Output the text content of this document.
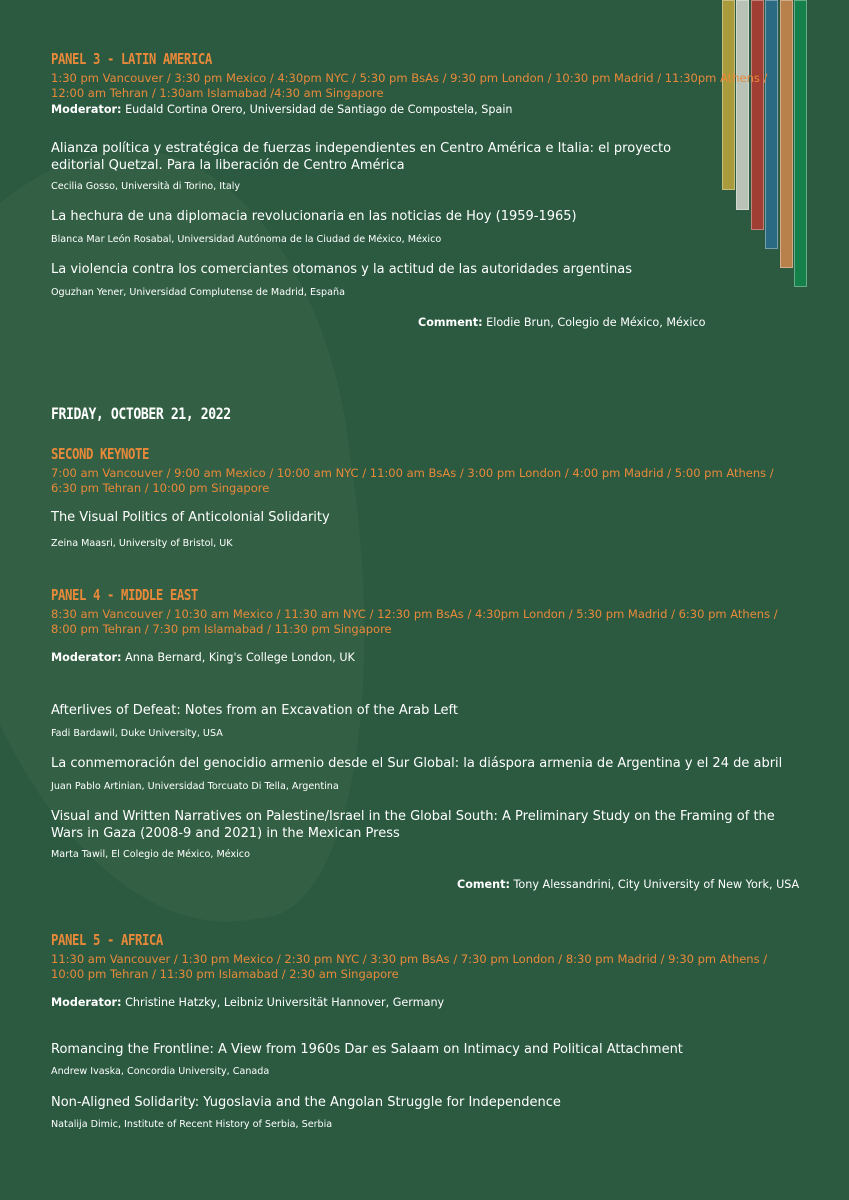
PANEL 3 - LATIN AMERICA
1:30 pm Vancouver / 3:30 pm Mexico / 4:30pm NYC / 5:30 pm BsAs / 9:30 pm London / 10:30 pm Madrid / 11:30pm Athens / 12:00 am Tehran / 1:30am Islamabad /4:30 am Singapore
Moderator: Eudald Cortina Orero, Universidad de Santiago de Compostela, Spain
Alianza política y estratégica de fuerzas independientes en Centro América e Italia: el proyecto editorial Quetzal. Para la liberación de Centro América
Cecilia Gosso, Università di Torino, Italy
La hechura de una diplomacia revolucionaria en las noticias de Hoy (1959-1965)
Blanca Mar León Rosabal, Universidad Autónoma de la Ciudad de México, México
La violencia contra los comerciantes otomanos y la actitud de las autoridades argentinas
Oguzhan Yener, Universidad Complutense de Madrid, España
Comment: Elodie Brun, Colegio de México, México
FRIDAY, OCTOBER 21, 2022
SECOND KEYNOTE
7:00 am Vancouver / 9:00 am Mexico / 10:00 am NYC / 11:00 am BsAs / 3:00 pm London / 4:00 pm Madrid / 5:00 pm Athens / 6:30 pm Tehran / 10:00 pm Singapore
The Visual Politics of Anticolonial Solidarity
Zeina Maasri, University of Bristol, UK
PANEL 4 - MIDDLE EAST
8:30 am Vancouver / 10:30 am Mexico / 11:30 am NYC / 12:30 pm BsAs / 4:30pm London / 5:30 pm Madrid / 6:30 pm Athens / 8:00 pm Tehran / 7:30 pm Islamabad / 11:30 pm Singapore
Moderator: Anna Bernard, King's College London, UK
Afterlives of Defeat: Notes from an Excavation of the Arab Left
Fadi Bardawil, Duke University, USA
La conmemoración del genocidio armenio desde el Sur Global: la diáspora armenia de Argentina y el 24 de abril
Juan Pablo Artinian, Universidad Torcuato Di Tella, Argentina
Visual and Written Narratives on Palestine/Israel in the Global South: A Preliminary Study on the Framing of the Wars in Gaza (2008-9 and 2021) in the Mexican Press
Marta Tawil, El Colegio de México, México
Coment: Tony Alessandrini, City University of New York, USA
PANEL 5 - AFRICA
11:30 am Vancouver / 1:30 pm Mexico / 2:30 pm NYC / 3:30 pm BsAs / 7:30 pm London / 8:30 pm Madrid / 9:30 pm Athens / 10:00 pm Tehran / 11:30 pm Islamabad / 2:30 am Singapore
Moderator: Christine Hatzky, Leibniz Universität Hannover, Germany
Romancing the Frontline: A View from 1960s Dar es Salaam on Intimacy and Political Attachment
Andrew Ivaska, Concordia University, Canada
Non-Aligned Solidarity: Yugoslavia and the Angolan Struggle for Independence
Natalija Dimic, Institute of Recent History of Serbia, Serbia
